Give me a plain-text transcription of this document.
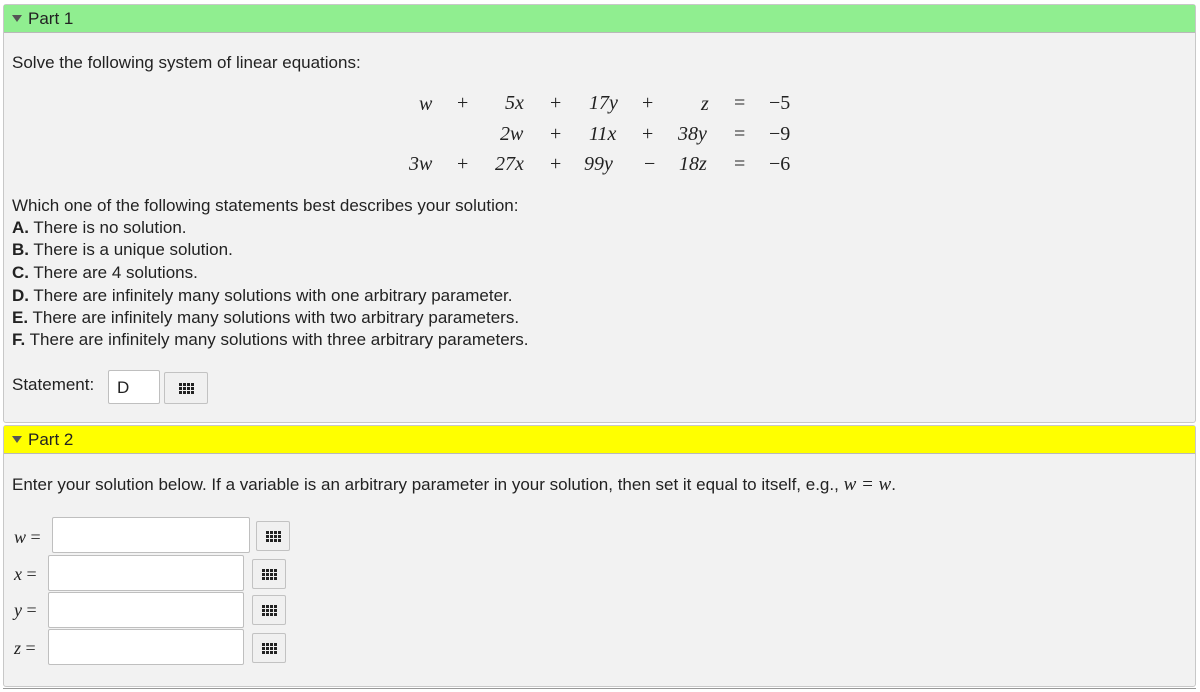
Part 1
Solve the following system of linear equations:
w + 5x + 17y + z = −5
2w + 11x + 38y = −9
3w + 27x + 99y − 18z = −6
Which one of the following statements best describes your solution:
A. There is no solution.
B. There is a unique solution.
C. There are 4 solutions.
D. There are infinitely many solutions with one arbitrary parameter.
E. There are infinitely many solutions with two arbitrary parameters.
F. There are infinitely many solutions with three arbitrary parameters.
Statement: D
Part 2
Enter your solution below. If a variable is an arbitrary parameter in your solution, then set it equal to itself, e.g., w = w.
w =
x =
y =
z =
